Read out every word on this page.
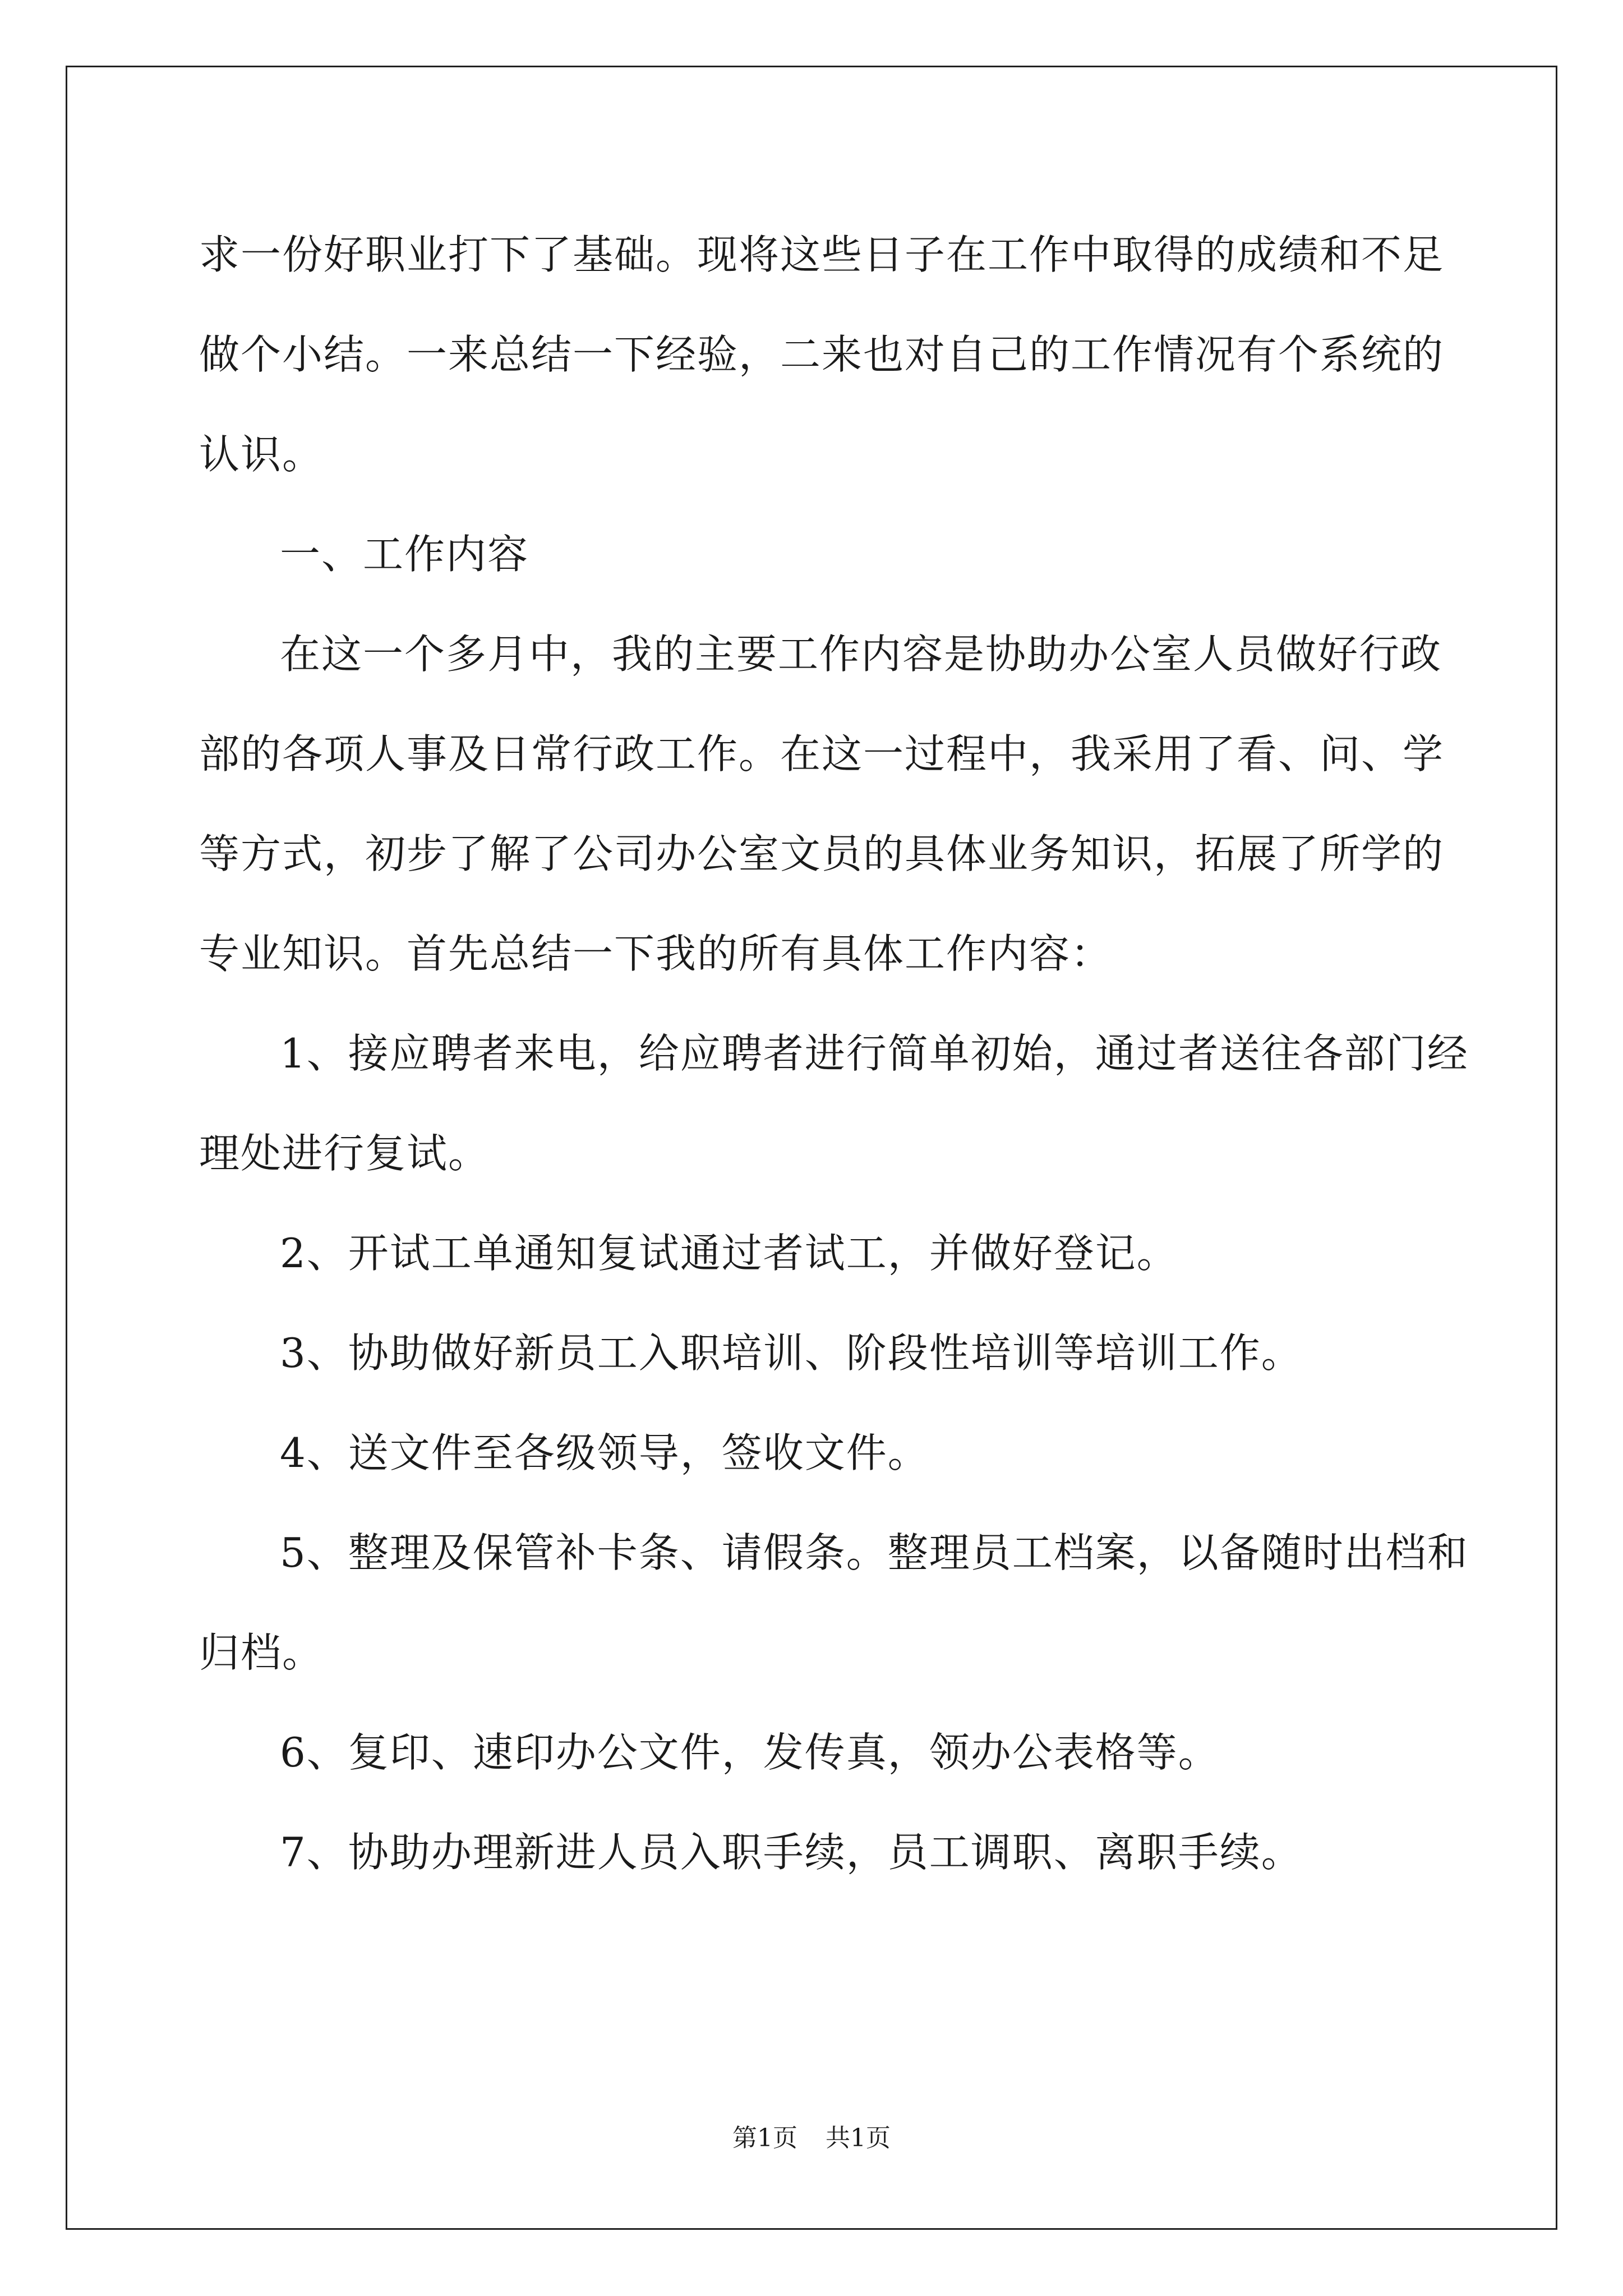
求一份好职业打下了基础。现将这些日子在工作中取得的成绩和不足
做个小结。一来总结一下经验，二来也对自己的工作情况有个系统的
认识。
一、工作内容
在这一个多月中，我的主要工作内容是协助办公室人员做好行政
部的各项人事及日常行政工作。在这一过程中，我采用了看、问、学
等方式，初步了解了公司办公室文员的具体业务知识，拓展了所学的
专业知识。首先总结一下我的所有具体工作内容：
1、接应聘者来电，给应聘者进行简单初始，通过者送往各部门经
理处进行复试。
2、开试工单通知复试通过者试工，并做好登记。
3、协助做好新员工入职培训、阶段性培训等培训工作。
4、送文件至各级领导，签收文件。
5、整理及保管补卡条、请假条。整理员工档案，以备随时出档和
归档。
6、复印、速印办公文件，发传真，领办公表格等。
7、协助办理新进人员入职手续，员工调职、离职手续。
第1页 共1页
